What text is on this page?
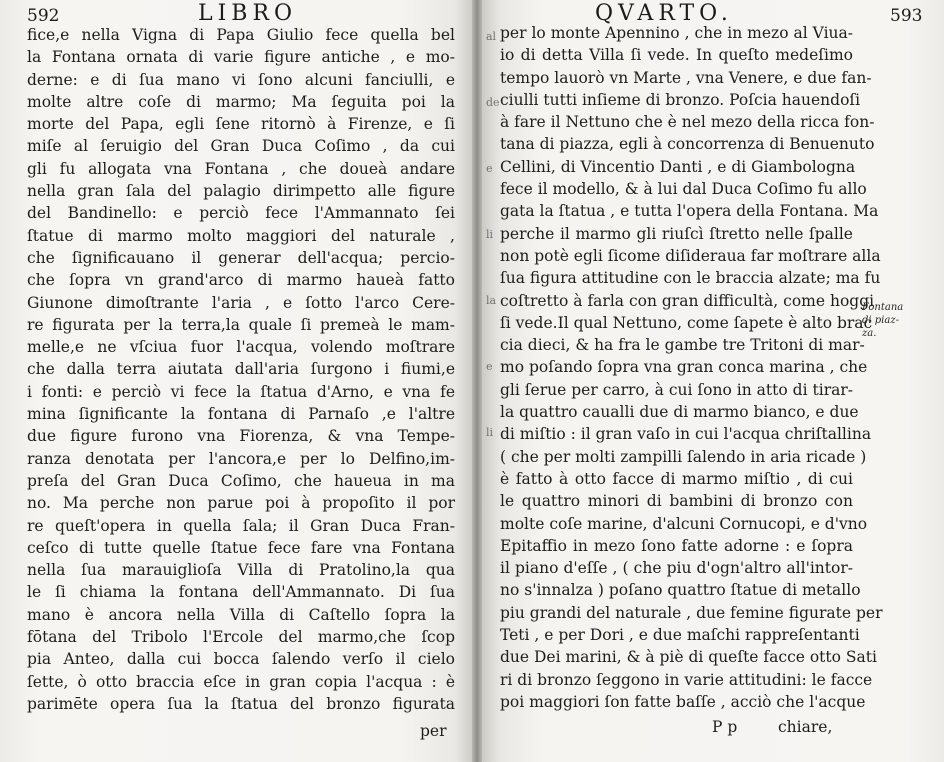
592	LIBRO
fice,e nella Vigna di Papa Giulio fece quella bel
la Fontana ornata di varie figure antiche , e mo-
derne: e di ſua mano vi ſono alcuni fanciulli, e
molte altre coſe di marmo; Ma ſeguita poi la
morte del Papa, egli ſene ritornò à Firenze, e ſi
miſe al ſeruigio del Gran Duca Coſimo , da cui
gli fu allogata vna Fontana , che doueà andare
nella gran ſala del palagio dirimpetto alle figure
del Bandinello: e perciò fece l'Ammannato ſei
ſtatue di marmo molto maggiori del naturale ,
che ſignificauano il generar dell'acqua; percio-
che ſopra vn grand'arco di marmo haueà fatto
Giunone dimoſtrante l'aria , e ſotto l'arco Cere-
re figurata per la terra,la quale ſi premeà le mam-
melle,e ne vſciua fuor l'acqua, volendo moſtrare
che dalla terra aiutata dall'aria ſurgono i fiumi,e
i fonti: e perciò vi fece la ſtatua d'Arno, e vna fe
mina ſignificante la fontana di Parnaſo ,e l'altre
due figure furono vna Fiorenza, & vna Tempe-
ranza denotata per l'ancora,e per lo Delfino,im-
preſa del Gran Duca Coſimo, che haueua in ma
no. Ma perche non parue poi à propoſito il por
re queſt'opera in quella ſala; il Gran Duca Fran-
ceſco di tutte quelle ſtatue fece fare vna Fontana
nella ſua marauiglioſa Villa di Pratolino,la qua
le ſi chiama la fontana dell'Ammannato. Di ſua
mano è ancora nella Villa di Caſtello ſopra la
fōtana del Tribolo l'Ercole del marmo,che ſcop
pia Anteo, dalla cui bocca ſalendo verſo il cielo
ſette, ò otto braccia eſce in gran copia l'acqua : è
parimēte opera ſua la ſtatua del bronzo figurata
per
al
de
e
li
la
e
li
QVARTO.	593
per lo monte Apennino , che in mezo al Viua-
io di detta Villa ſi vede. In queſto medeſimo
tempo lauorò vn Marte , vna Venere, e due fan-
ciulli tutti inſieme di bronzo. Poſcia hauendoſi
à fare il Nettuno che è nel mezo della ricca fon-
tana di piazza, egli à concorrenza di Benuenuto
Cellini, di Vincentio Danti , e di Giambologna
fece il modello, & à lui dal Duca Coſimo fu allo
gata la ſtatua , e tutta l'opera della Fontana. Ma
perche il marmo gli riuſcì ſtretto nelle ſpalle
non potè egli ſicome diſideraua far moſtrare alla
ſua figura attitudine con le braccia alzate; ma fu
coſtretto à farla con gran difficultà, come hoggi
ſi vede.Il qual Nettuno, come ſapete è alto brac
cia dieci, & ha fra le gambe tre Tritoni di mar-
mo poſando ſopra vna gran conca marina , che
gli ſerue per carro, à cui ſono in atto di tirar-
la quattro caualli due di marmo bianco, e due
di miſtio : il gran vaſo in cui l'acqua chriſtallina
( che per molti zampilli ſalendo in aria ricade )
è fatto à otto facce di marmo miſtio , di cui
le quattro minori di bambini di bronzo con
molte coſe marine, d'alcuni Cornucopi, e d'vno
Epitaffio in mezo ſono fatte adorne : e ſopra
il piano d'eſſe , ( che piu d'ogn'altro all'intor-
no s'innalza ) poſano quattro ſtatue di metallo
piu grandi del naturale , due femine figurate per
Teti , e per Dori , e due maſchi rappreſentanti
due Dei marini, & à piè di queſte facce otto Sati
ri di bronzo ſeggono in varie attitudini: le facce
poi maggiori ſon fatte baſſe , acciò che l'acque
Fontana
di piaz-
za.
P p	chiare,
